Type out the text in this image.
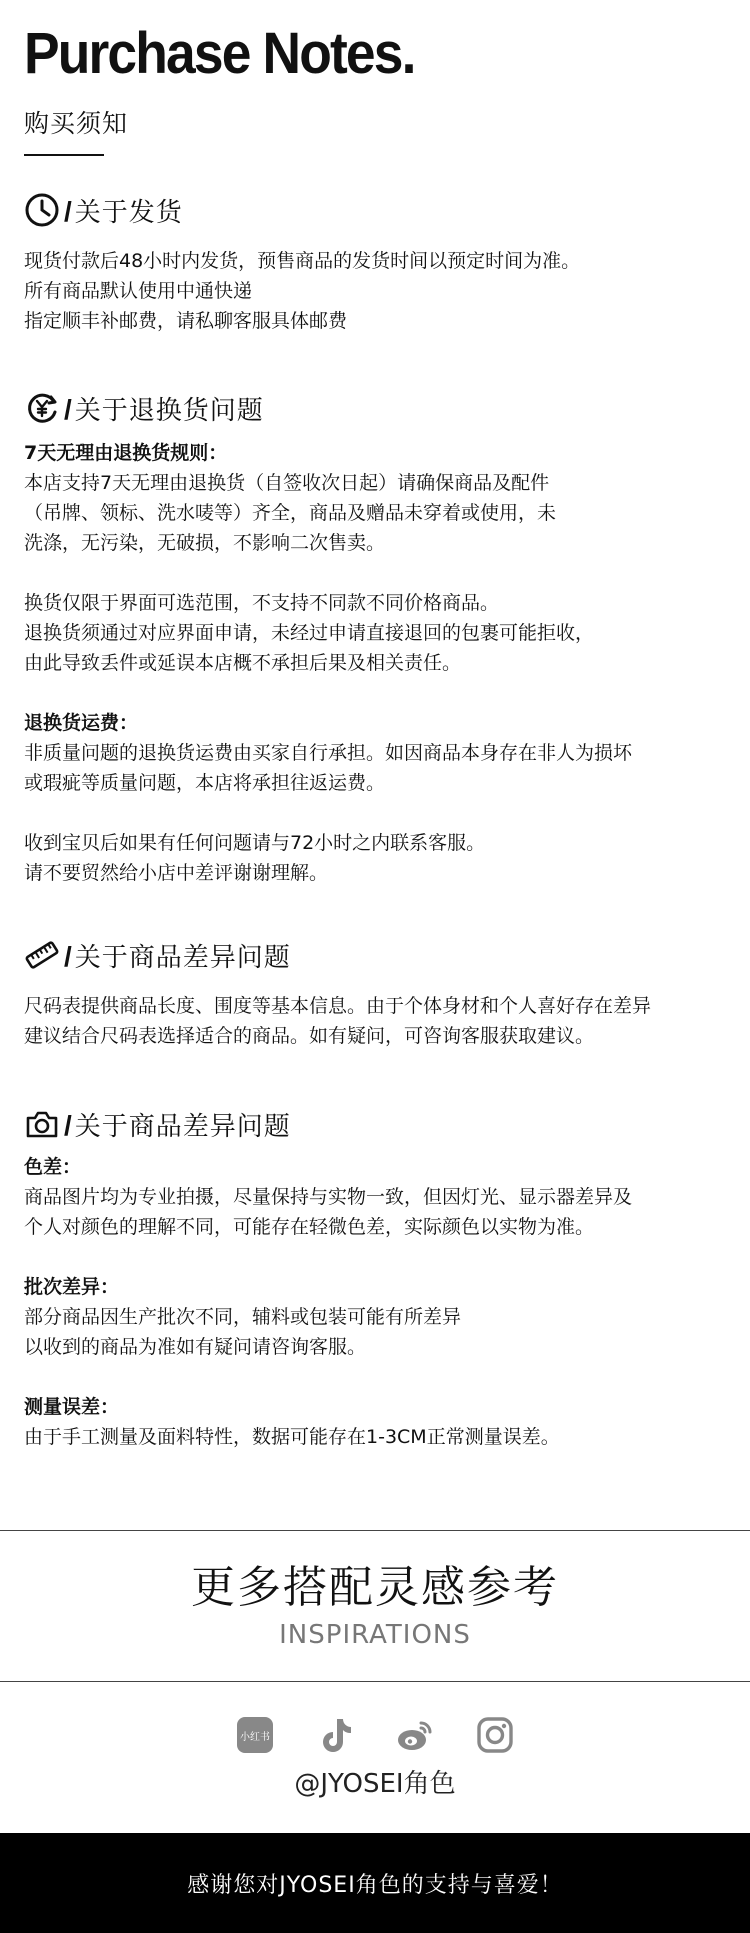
Purchase Notes.
购买须知
/关于发货

现货付款后48小时内发货，预售商品的发货时间以预定时间为准。

所有商品默认使用中通快递

指定顺丰补邮费，请私聊客服具体邮费

/关于退换货问题

7天无理由退换货规则：

本店支持7天无理由退换货（自签收次日起）请确保商品及配件

（吊牌、领标、洗水唛等）齐全，商品及赠品未穿着或使用，未

洗涤，无污染，无破损，不影响二次售卖。

换货仅限于界面可选范围，不支持不同款不同价格商品。

退换货须通过对应界面申请，未经过申请直接退回的包裹可能拒收，

由此导致丢件或延误本店概不承担后果及相关责任。

退换货运费：

非质量问题的退换货运费由买家自行承担。如因商品本身存在非人为损坏

或瑕疵等质量问题，本店将承担往返运费。

收到宝贝后如果有任何问题请与72小时之内联系客服。

请不要贸然给小店中差评谢谢理解。

/关于商品差异问题

尺码表提供商品长度、围度等基本信息。由于个体身材和个人喜好存在差异

建议结合尺码表选择适合的商品。如有疑问，可咨询客服获取建议。

/关于商品差异问题

色差：

商品图片均为专业拍摄，尽量保持与实物一致，但因灯光、显示器差异及

个人对颜色的理解不同，可能存在轻微色差，实际颜色以实物为准。

批次差异：

部分商品因生产批次不同，辅料或包装可能有所差异

以收到的商品为准如有疑问请咨询客服。

测量误差：

由于手工测量及面料特性，数据可能存在1-3CM正常测量误差。

更多搭配灵感参考
INSPIRATIONS
小红书
@JYOSEI角色
感谢您对JYOSEI角色的支持与喜爱！
